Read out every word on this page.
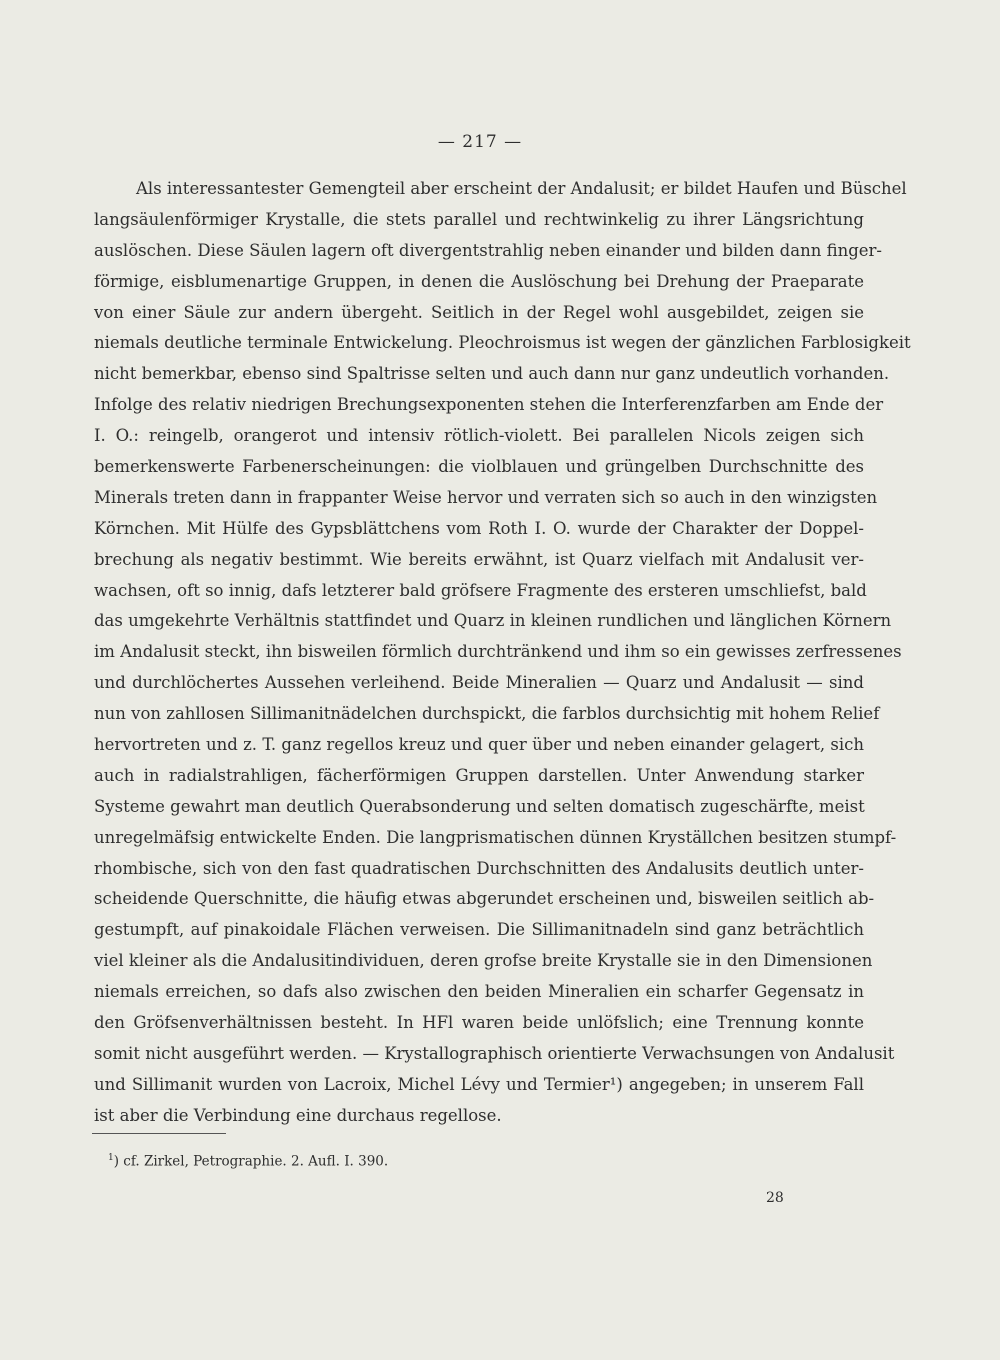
— 217 —
Als interessantester Gemengteil aber erscheint der Andalusit; er bildet Haufen und Büschel
langsäulenförmiger Krystalle, die stets parallel und rechtwinkelig zu ihrer Längsrichtung
auslöschen. Diese Säulen lagern oft divergentstrahlig neben einander und bilden dann finger-
förmige, eisblumenartige Gruppen, in denen die Auslöschung bei Drehung der Praeparate
von einer Säule zur andern übergeht. Seitlich in der Regel wohl ausgebildet, zeigen sie
niemals deutliche terminale Entwickelung. Pleochroismus ist wegen der gänzlichen Farblosigkeit
nicht bemerkbar, ebenso sind Spaltrisse selten und auch dann nur ganz undeutlich vorhanden.
Infolge des relativ niedrigen Brechungsexponenten stehen die Interferenzfarben am Ende der
I. O.: reingelb, orangerot und intensiv rötlich-violett. Bei parallelen Nicols zeigen sich
bemerkenswerte Farbenerscheinungen: die violblauen und grüngelben Durchschnitte des
Minerals treten dann in frappanter Weise hervor und verraten sich so auch in den winzigsten
Körnchen. Mit Hülfe des Gypsblättchens vom Roth I. O. wurde der Charakter der Doppel-
brechung als negativ bestimmt. Wie bereits erwähnt, ist Quarz vielfach mit Andalusit ver-
wachsen, oft so innig, dafs letzterer bald gröfsere Fragmente des ersteren umschliefst, bald
das umgekehrte Verhältnis stattfindet und Quarz in kleinen rundlichen und länglichen Körnern
im Andalusit steckt, ihn bisweilen förmlich durchtränkend und ihm so ein gewisses zerfressenes
und durchlöchertes Aussehen verleihend. Beide Mineralien — Quarz und Andalusit — sind
nun von zahllosen Sillimanitnädelchen durchspickt, die farblos durchsichtig mit hohem Relief
hervortreten und z. T. ganz regellos kreuz und quer über und neben einander gelagert, sich
auch in radialstrahligen, fächerförmigen Gruppen darstellen. Unter Anwendung starker
Systeme gewahrt man deutlich Querabsonderung und selten domatisch zugeschärfte, meist
unregelmäfsig entwickelte Enden. Die langprismatischen dünnen Kryställchen besitzen stumpf-
rhombische, sich von den fast quadratischen Durchschnitten des Andalusits deutlich unter-
scheidende Querschnitte, die häufig etwas abgerundet erscheinen und, bisweilen seitlich ab-
gestumpft, auf pinakoidale Flächen verweisen. Die Sillimanitnadeln sind ganz beträchtlich
viel kleiner als die Andalusitindividuen, deren grofse breite Krystalle sie in den Dimensionen
niemals erreichen, so dafs also zwischen den beiden Mineralien ein scharfer Gegensatz in
den Gröfsenverhältnissen besteht. In HFl waren beide unlöfslich; eine Trennung konnte
somit nicht ausgeführt werden. — Krystallographisch orientierte Verwachsungen von Andalusit
und Sillimanit wurden von Lacroix, Michel Lévy und Termier¹) angegeben; in unserem Fall
ist aber die Verbindung eine durchaus regellose.
$^1$) cf. Zirkel, Petrographie. 2. Aufl. I. 390.
28
